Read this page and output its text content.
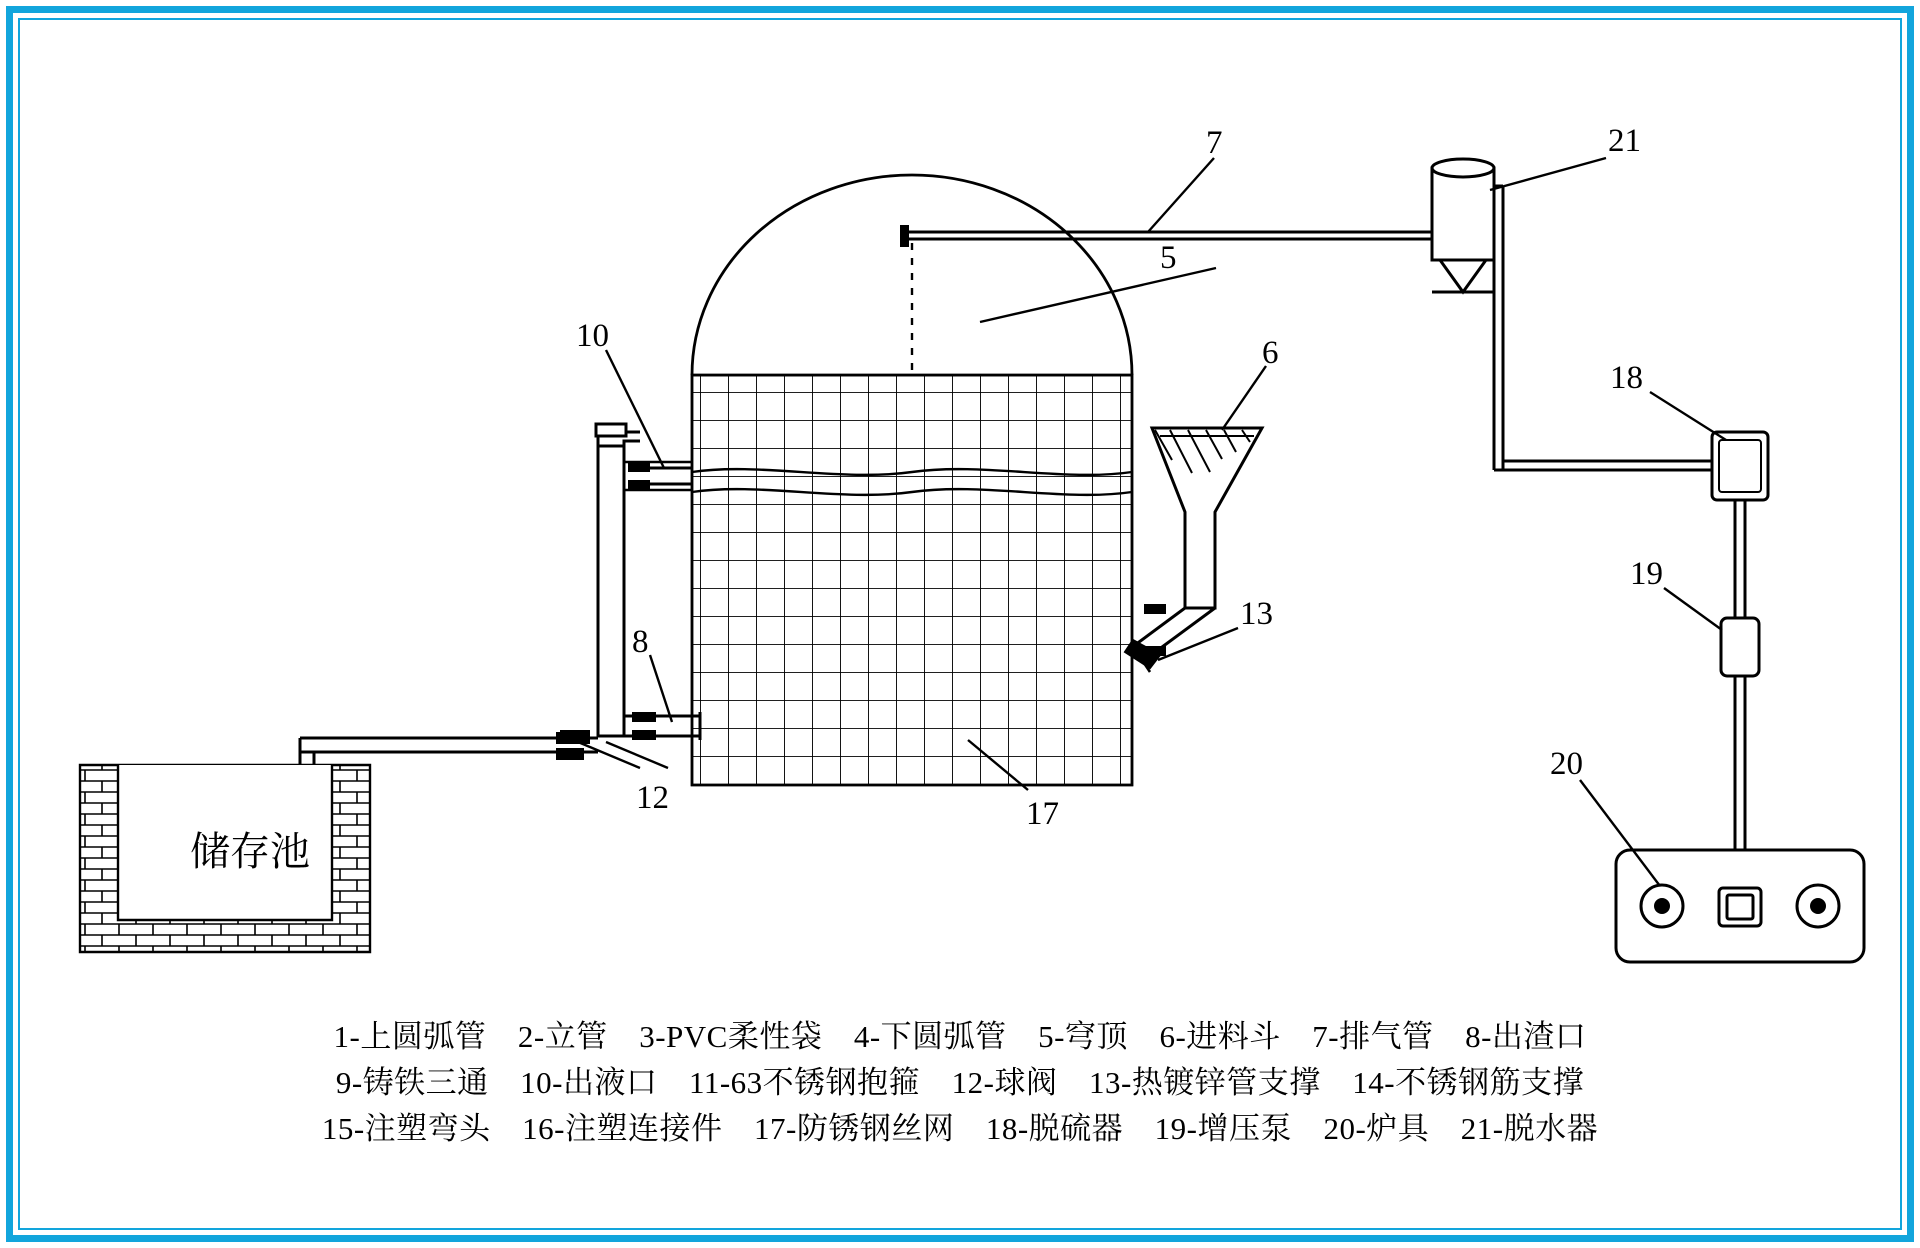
5
6
7
8
10
12
13
17
18
19
20
21
储存池
1-上圆弧管　2-立管　3-PVC柔性袋　4-下圆弧管　5-穹顶　6-进料斗　7-排气管　8-出渣口
9-铸铁三通　10-出液口　11-63不锈钢抱箍　12-球阀　13-热镀锌管支撑　14-不锈钢筋支撑
15-注塑弯头　16-注塑连接件　17-防锈钢丝网　18-脱硫器　19-增压泵　20-炉具　21-脱水器
